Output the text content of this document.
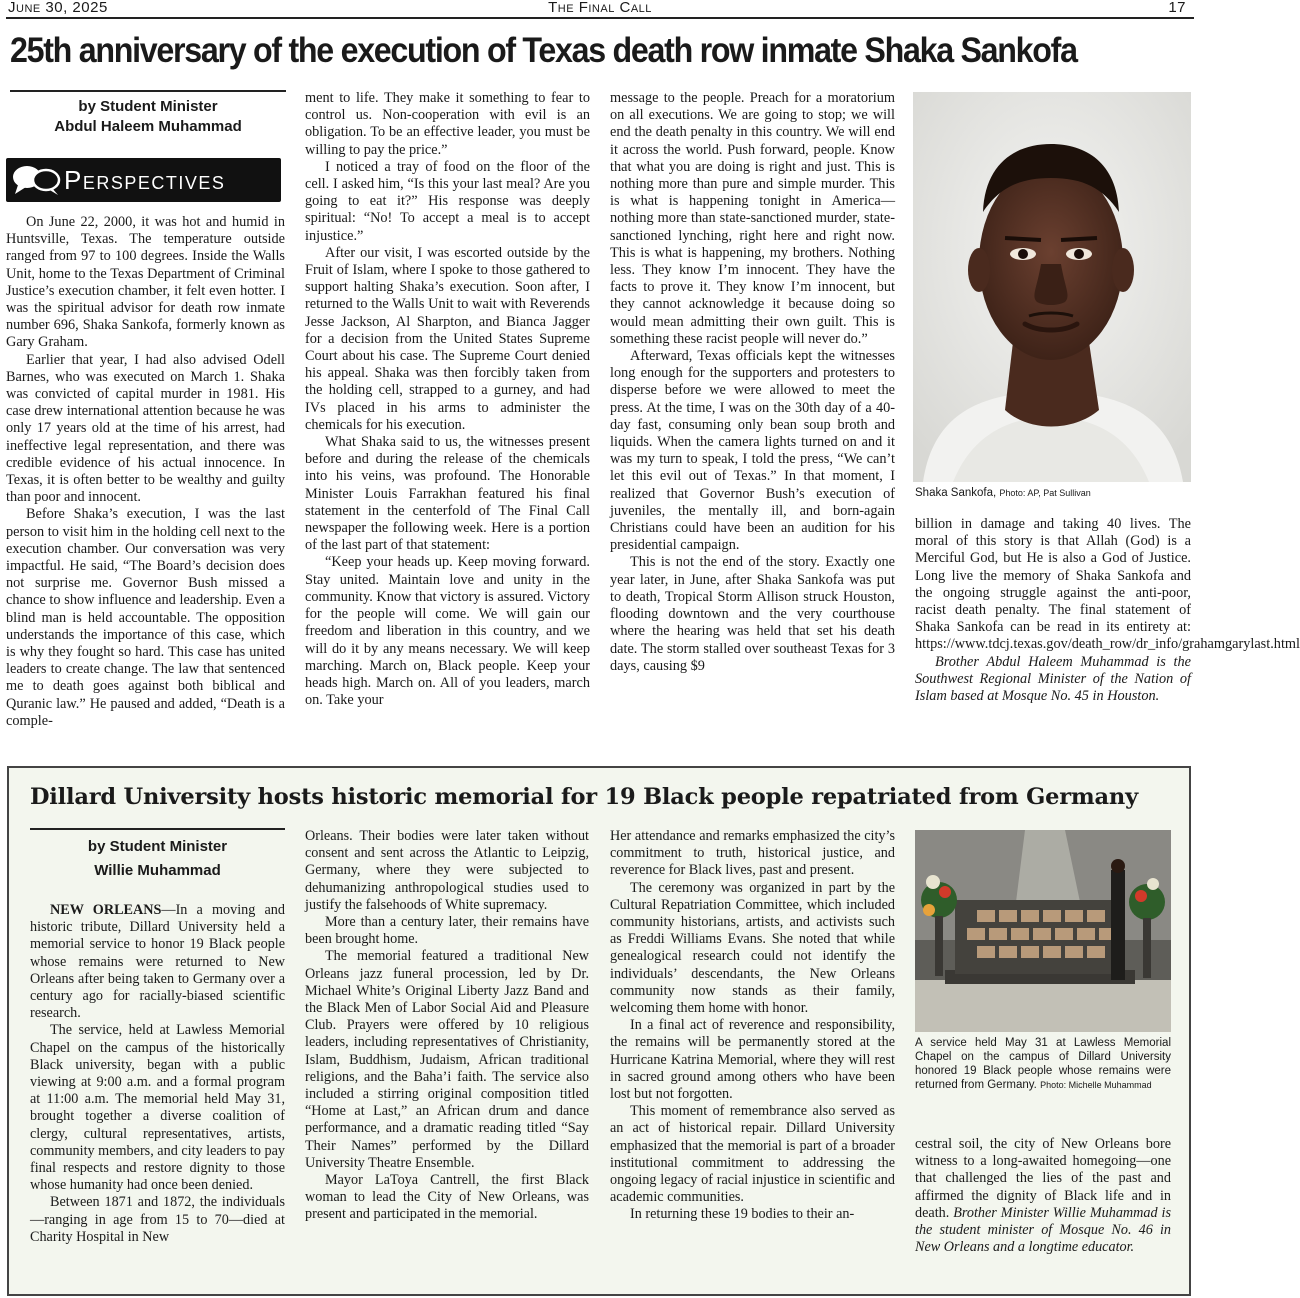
June 30, 2025	The Final Call	17
25th anniversary of the execution of Texas death row inmate Shaka Sankofa
by Student Minister
Abdul Haleem Muhammad
Perspectives

On June 22, 2000, it was hot and humid in Huntsville, Texas. The temperature outside ranged from 97 to 100 degrees. Inside the Walls Unit, home to the Texas Department of Criminal Justice’s execution chamber, it felt even hotter. I was the spiritual advisor for death row inmate number 696, Shaka Sankofa, formerly known as Gary Graham.

Earlier that year, I had also advised Odell Barnes, who was executed on March 1. Shaka was convicted of capital murder in 1981. His case drew international attention because he was only 17 years old at the time of his arrest, had ineffective legal representation, and there was credible evidence of his actual innocence. In Texas, it is often better to be wealthy and guilty than poor and innocent.

Before Shaka’s execution, I was the last person to visit him in the holding cell next to the execution chamber. Our conversation was very impactful. He said, “The Board’s decision does not surprise me. Governor Bush missed a chance to show influence and leadership. Even a blind man is held accountable. The opposition understands the importance of this case, which is why they fought so hard. This case has united leaders to create change. The law that sentenced me to death goes against both biblical and Quranic law.” He paused and added, “Death is a comple-

ment to life. They make it something to fear to control us. Non-cooperation with evil is an obligation. To be an effective leader, you must be willing to pay the price.”

I noticed a tray of food on the floor of the cell. I asked him, “Is this your last meal? Are you going to eat it?” His response was deeply spiritual: “No! To accept a meal is to accept injustice.”

After our visit, I was escorted outside by the Fruit of Islam, where I spoke to those gathered to support halting Shaka’s execution. Soon after, I returned to the Walls Unit to wait with Reverends Jesse Jackson, Al Sharpton, and Bianca Jagger for a decision from the United States Supreme Court about his case. The Supreme Court denied his appeal. Shaka was then forcibly taken from the holding cell, strapped to a gurney, and had IVs placed in his arms to administer the chemicals for his execution.

What Shaka said to us, the witnesses present before and during the release of the chemicals into his veins, was profound. The Honorable Minister Louis Farrakhan featured his final statement in the centerfold of The Final Call newspaper the following week. Here is a portion of the last part of that statement:

“Keep your heads up. Keep moving forward. Stay united. Maintain love and unity in the community. Know that victory is assured. Victory for the people will come. We will gain our freedom and liberation in this country, and we will do it by any means necessary. We will keep marching. March on, Black people. Keep your heads high. March on. All of you leaders, march on. Take your

message to the people. Preach for a moratorium on all executions. We are going to stop; we will end the death penalty in this country. We will end it across the world. Push forward, people. Know that what you are doing is right and just. This is nothing more than pure and simple murder. This is what is happening tonight in America—nothing more than state-sanctioned murder, state-sanctioned lynching, right here and right now. This is what is happening, my brothers. Nothing less. They know I’m innocent. They have the facts to prove it. They know I’m innocent, but they cannot acknowledge it because doing so would mean admitting their own guilt. This is something these racist people will never do.”

Afterward, Texas officials kept the witnesses long enough for the supporters and protesters to disperse before we were allowed to meet the press. At the time, I was on the 30th day of a 40-day fast, consuming only bean soup broth and liquids. When the camera lights turned on and it was my turn to speak, I told the press, “We can’t let this evil out of Texas.” In that moment, I realized that Governor Bush’s execution of juveniles, the mentally ill, and born-again Christians could have been an audition for his presidential campaign.

This is not the end of the story. Exactly one year later, in June, after Shaka Sankofa was put to death, Tropical Storm Allison struck Houston, flooding downtown and the very courthouse where the hearing was held that set his death date. The storm stalled over southeast Texas for 3 days, causing $9

Shaka Sankofa, Photo: AP, Pat Sullivan

billion in damage and taking 40 lives. The moral of this story is that Allah (God) is a Merciful God, but He is also a God of Justice. Long live the memory of Shaka Sankofa and the ongoing struggle against the anti-poor, racist death penalty. The final statement of Shaka Sankofa can be read in its entirety at: https://www.tdcj.texas.gov/death_row/dr_info/grahamgarylast.html

Brother Abdul Haleem Muhammad is the Southwest Regional Minister of the Nation of Islam based at Mosque No. 45 in Houston.

Dillard University hosts historic memorial for 19 Black people repatriated from Germany
by Student Minister
Willie Muhammad

NEW ORLEANS—In a moving and historic tribute, Dillard University held a memorial service to honor 19 Black people whose remains were returned to New Orleans after being taken to Germany over a century ago for racially-biased scientific research.

The service, held at Lawless Memorial Chapel on the campus of the historically Black university, began with a public viewing at 9:00 a.m. and a formal program at 11:00 a.m. The memorial held May 31, brought together a diverse coalition of clergy, cultural representatives, artists, community members, and city leaders to pay final respects and restore dignity to those whose humanity had once been denied.

Between 1871 and 1872, the individuals—ranging in age from 15 to 70—died at Charity Hospital in New

Orleans. Their bodies were later taken without consent and sent across the Atlantic to Leipzig, Germany, where they were subjected to dehumanizing anthropological studies used to justify the falsehoods of White supremacy.

More than a century later, their remains have been brought home.

The memorial featured a traditional New Orleans jazz funeral procession, led by Dr. Michael White’s Original Liberty Jazz Band and the Black Men of Labor Social Aid and Pleasure Club. Prayers were offered by 10 religious leaders, including representatives of Christianity, Islam, Buddhism, Judaism, African traditional religions, and the Baha’i faith. The service also included a stirring original composition titled “Home at Last,” an African drum and dance performance, and a dramatic reading titled “Say Their Names” performed by the Dillard University Theatre Ensemble.

Mayor LaToya Cantrell, the first Black woman to lead the City of New Orleans, was present and participated in the memorial.

Her attendance and remarks emphasized the city’s commitment to truth, historical justice, and reverence for Black lives, past and present.

The ceremony was organized in part by the Cultural Repatriation Committee, which included community historians, artists, and activists such as Freddi Williams Evans. She noted that while genealogical research could not identify the individuals’ descendants, the New Orleans community now stands as their family, welcoming them home with honor.

In a final act of reverence and responsibility, the remains will be permanently stored at the Hurricane Katrina Memorial, where they will rest in sacred ground among others who have been lost but not forgotten.

This moment of remembrance also served as an act of historical repair. Dillard University emphasized that the memorial is part of a broader institutional commitment to addressing the ongoing legacy of racial injustice in scientific and academic communities.

In returning these 19 bodies to their an-

A service held May 31 at Lawless Memorial Chapel on the campus of Dillard University honored 19 Black people whose remains were returned from Germany. Photo: Michelle Muhammad

cestral soil, the city of New Orleans bore witness to a long-awaited homegoing—one that challenged the lies of the past and affirmed the dignity of Black life and in death. Brother Minister Willie Muhammad is the student minister of Mosque No. 46 in New Orleans and a longtime educator.
